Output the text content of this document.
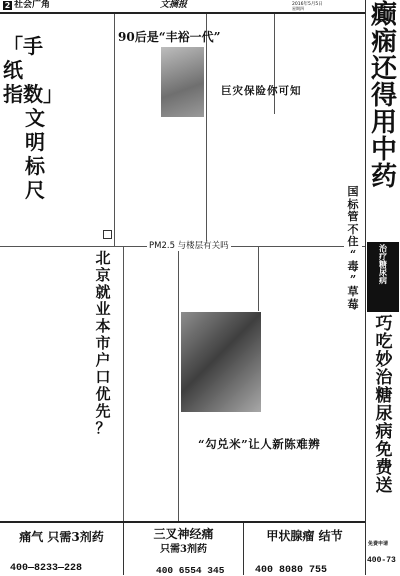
2 社会广角	文摘报	2016年5月5日
星期四	癫
痫
还
得
用
中
药
治疗糖尿病
巧
吃
妙
治
糖
尿
病
免
费
送
免费申请
400-73
「手纸
指数」
文明
标尺
90后是“丰裕一代”
巨灾保险你可知
PM2.5 与楼层有关吗
北
京
就
业
本
市
户
口
优
先
？
“勾兑米”让人新陈难辨
国
标
管
不
住
“
毒
”
草
莓
痛气 只需3剂药
400—8233—228
三叉神经痛
只需3剂药
400 6554 345
甲状腺瘤 结节
400 8080 755
